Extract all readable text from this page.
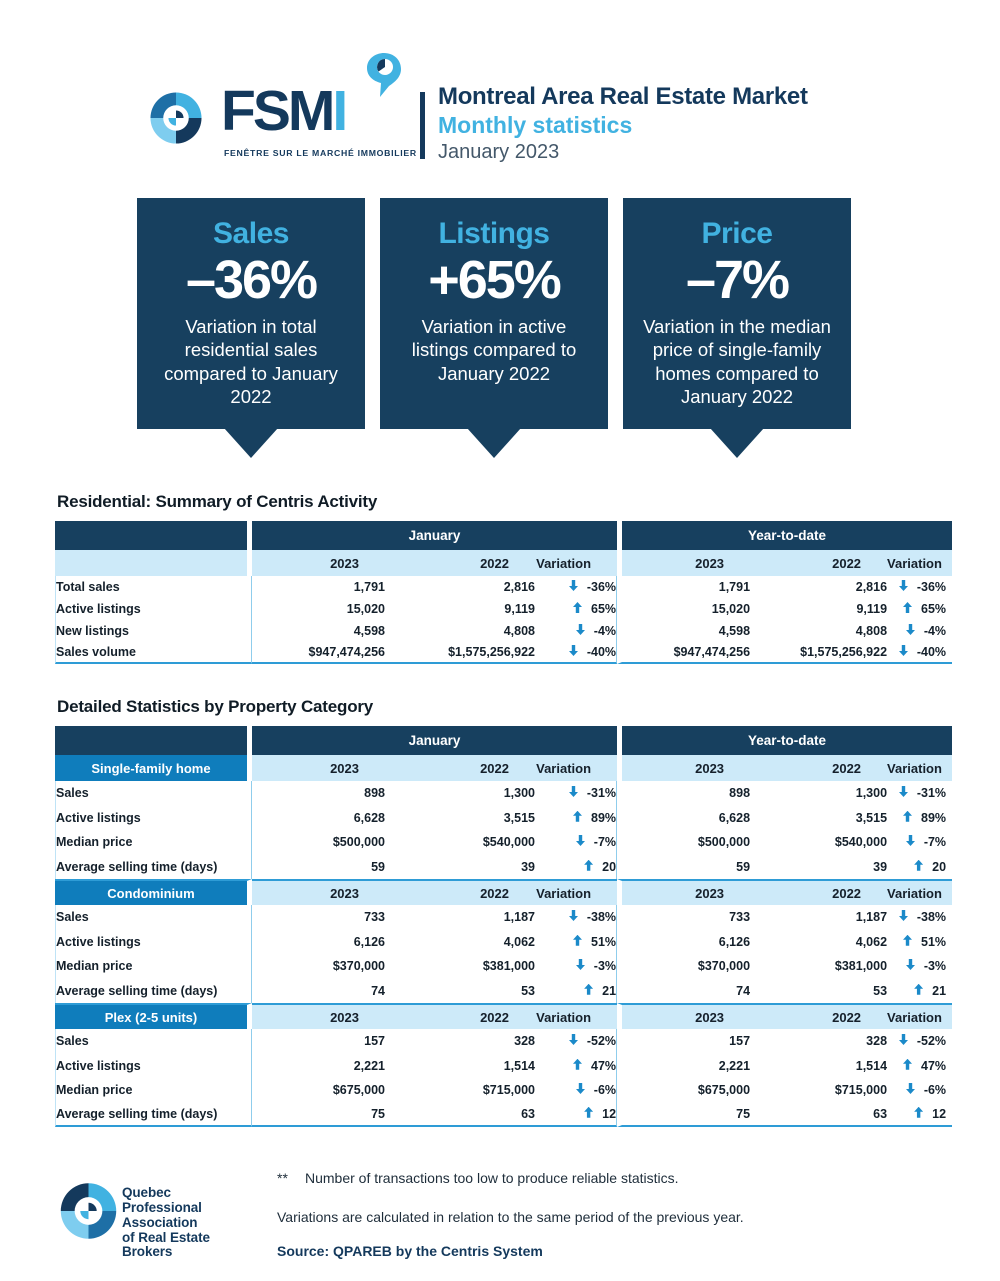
FSMI
FENÊTRE SUR LE MARCHÉ IMMOBILIER
Montreal Area Real Estate Market
Monthly statistics
January 2023
Sales
–36%
Variation in total residential sales compared to January 2022
Listings
+65%
Variation in active listings compared to January 2022
Price
–7%
Variation in the median price of single-family homes compared to January 2022
Residential: Summary of Centris Activity
	January			Year-to-date		
	2023	2022	Variation	2023	2022	Variation
Total sales	1,791	2,816	-36%	1,791	2,816	-36%
Active listings	15,020	9,119	65%	15,020	9,119	65%
New listings	4,598	4,808	-4%	4,598	4,808	-4%
Sales volume	$947,474,256	$1,575,256,922	-40%	$947,474,256	$1,575,256,922	-40%
Detailed Statistics by Property Category
	January			Year-to-date		
Single-family home	2023	2022	Variation	2023	2022	Variation
Sales	898	1,300	-31%	898	1,300	-31%
Active listings	6,628	3,515	89%	6,628	3,515	89%
Median price	$500,000	$540,000	-7%	$500,000	$540,000	-7%
Average selling time (days)	59	39	20	59	39	20
Condominium	2023	2022	Variation	2023	2022	Variation
Sales	733	1,187	-38%	733	1,187	-38%
Active listings	6,126	4,062	51%	6,126	4,062	51%
Median price	$370,000	$381,000	-3%	$370,000	$381,000	-3%
Average selling time (days)	74	53	21	74	53	21
Plex (2-5 units)	2023	2022	Variation	2023	2022	Variation
Sales	157	328	-52%	157	328	-52%
Active listings	2,221	1,514	47%	2,221	1,514	47%
Median price	$675,000	$715,000	-6%	$675,000	$715,000	-6%
Average selling time (days)	75	63	12	75	63	12
Quebec
Professional
Association
of Real Estate
Brokers
** Number of transactions too low to produce reliable statistics.
Variations are calculated in relation to the same period of the previous year.
Source: QPAREB by the Centris System
